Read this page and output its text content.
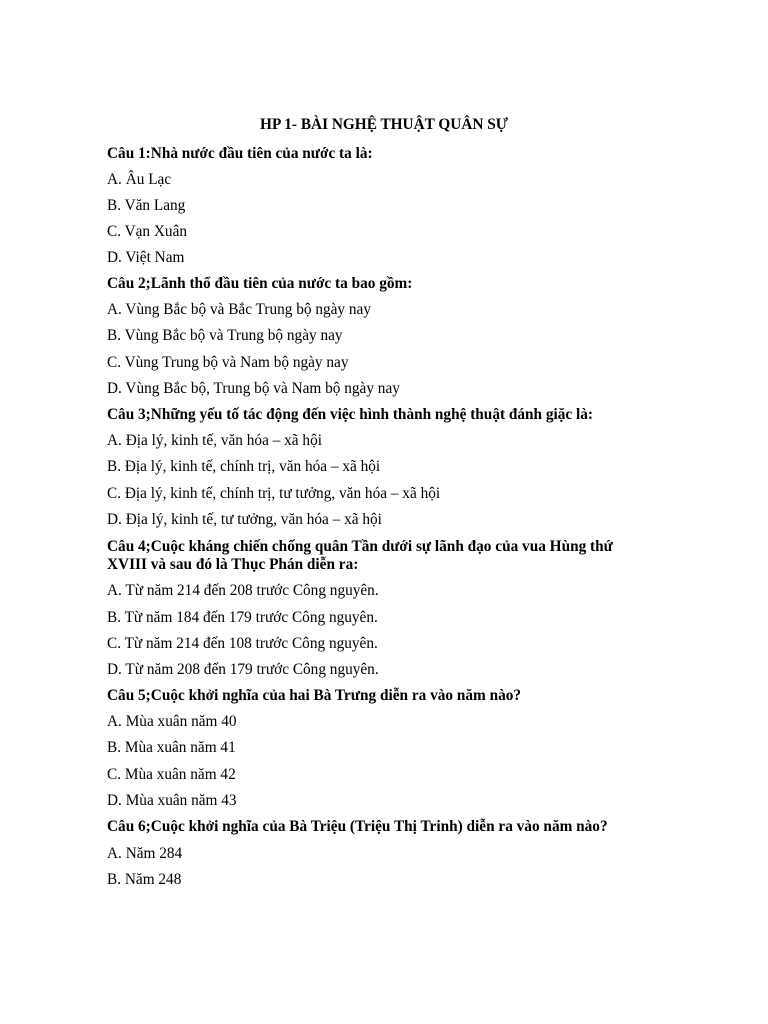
HP 1- BÀI NGHỆ THUẬT QUÂN SỰ
Câu 1:Nhà nước đầu tiên của nước ta là:
A. Âu Lạc
B. Văn Lang
C. Vạn Xuân
D. Việt Nam
Câu 2;Lãnh thổ đầu tiên của nước ta bao gồm:
A. Vùng Bắc bộ và Bắc Trung bộ ngày nay
B. Vùng Bắc bộ và Trung bộ ngày nay
C. Vùng Trung bộ và Nam bộ ngày nay
D. Vùng Bắc bộ, Trung bộ và Nam bộ ngày nay
Câu 3;Những yếu tố tác động đến việc hình thành nghệ thuật đánh giặc là:
A. Địa lý, kinh tế, văn hóa – xã hội
B. Địa lý, kinh tế, chính trị, văn hóa – xã hội
C. Địa lý, kinh tế, chính trị, tư tưởng, văn hóa – xã hội
D. Địa lý, kinh tế, tư tưởng, văn hóa – xã hội
Câu 4;Cuộc kháng chiến chống quân Tần dưới sự lãnh đạo của vua Hùng thứ XVIII và sau đó là Thục Phán diễn ra:
A. Từ năm 214 đến 208 trước Công nguyên.
B. Từ năm 184 đến 179 trước Công nguyên.
C. Từ năm 214 đến 108 trước Công nguyên.
D. Từ năm 208 đến 179 trước Công nguyên.
Câu 5;Cuộc khởi nghĩa của hai Bà Trưng diễn ra vào năm nào?
A. Mùa xuân năm 40
B. Mùa xuân năm 41
C. Mùa xuân năm 42
D. Mùa xuân năm 43
Câu 6;Cuộc khởi nghĩa của Bà Triệu (Triệu Thị Trinh) diễn ra vào năm nào?
A. Năm 284
B. Năm 248
